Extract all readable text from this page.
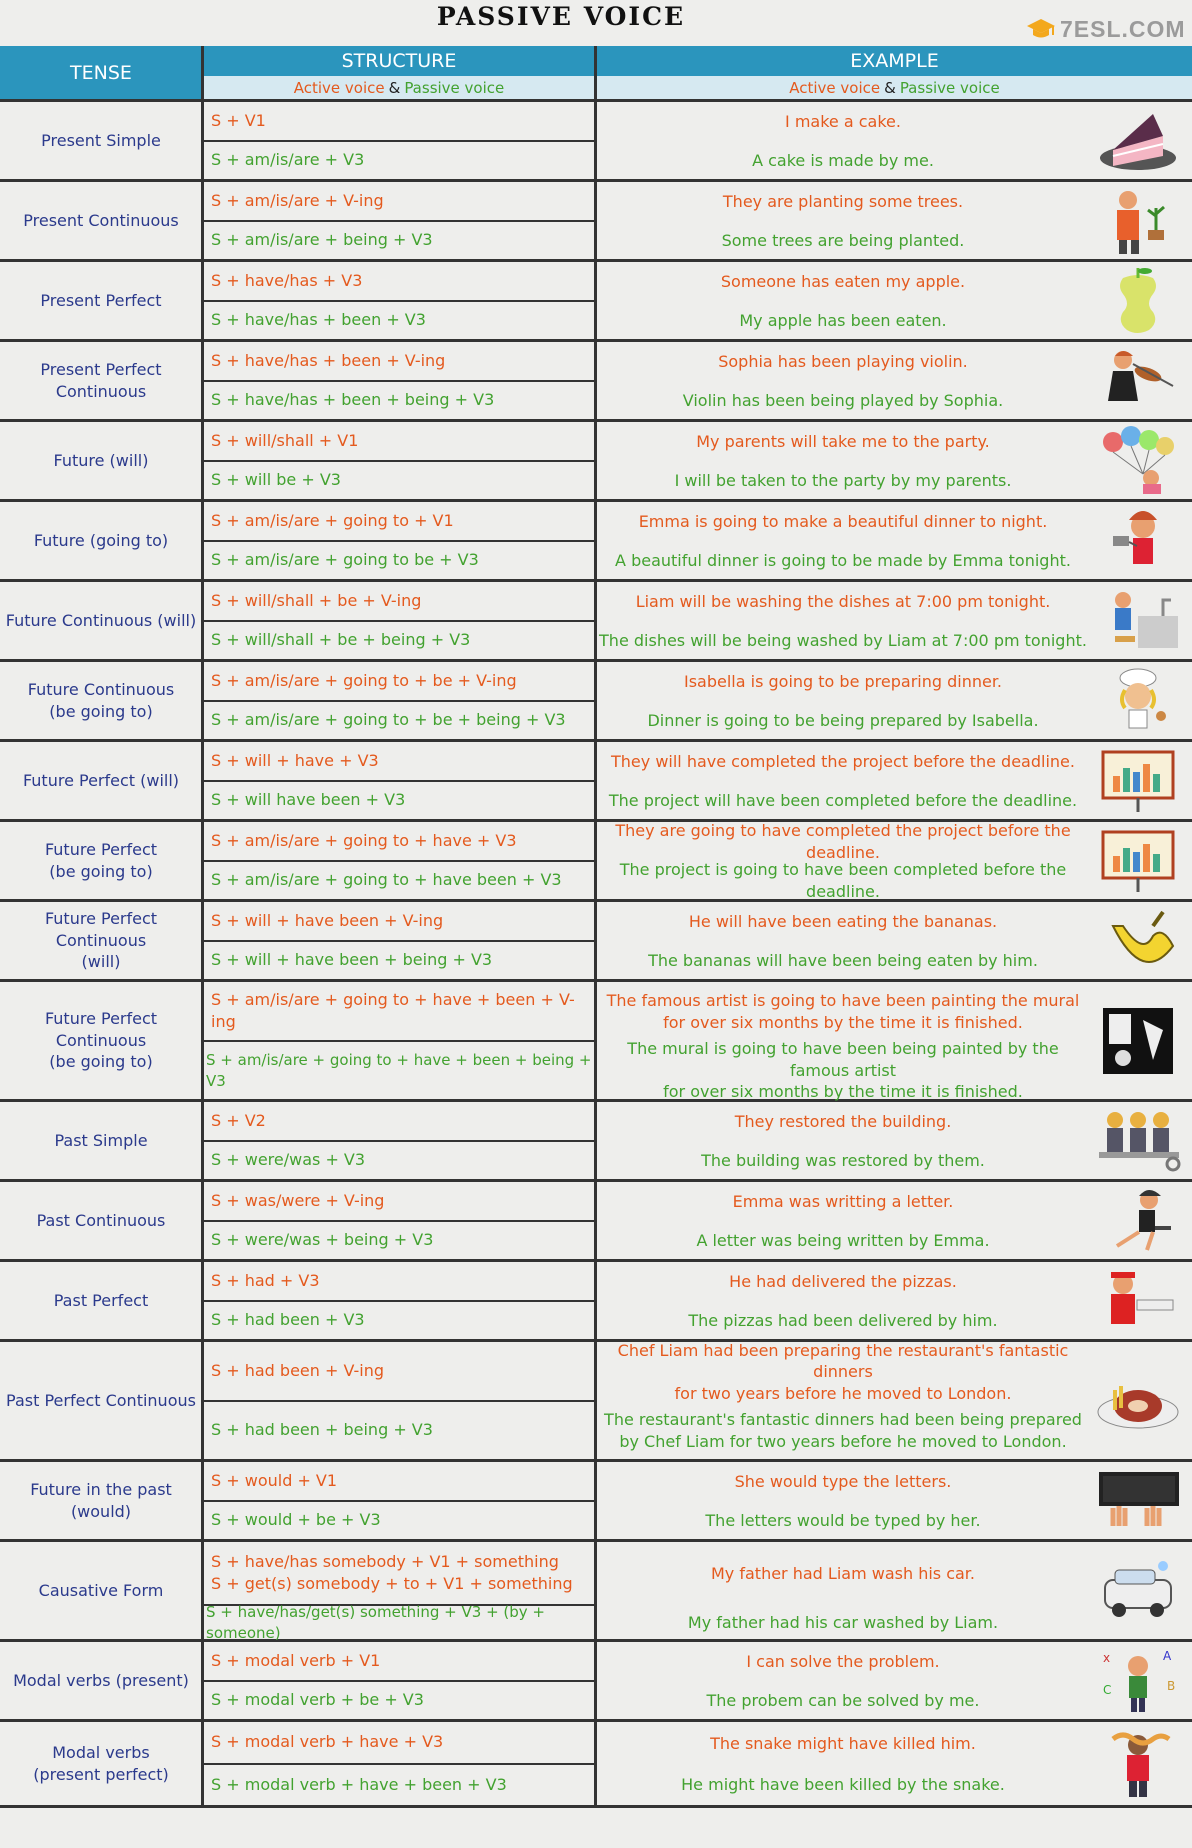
PASSIVE VOICE	7ESL.COM
TENSE
STRUCTURE
Active voice & Passive voice
EXAMPLE
Active voice & Passive voice
Present Simple
S + V1
S + am/is/are + V3
I make a cake.
A cake is made by me.
Present Continuous
S + am/is/are + V-ing
S + am/is/are + being + V3
They are planting some trees.
Some trees are being planted.
Present Perfect
S + have/has + V3
S + have/has + been + V3
Someone has eaten my apple.
My apple has been eaten.
Present Perfect Continuous
S + have/has + been + V-ing
S + have/has + been + being + V3
Sophia has been playing violin.
Violin has been being played by Sophia.
Future (will)
S + will/shall + V1
S + will be + V3
My parents will take me to the party.
I will be taken to the party by my parents.
Future (going to)
S + am/is/are + going to + V1
S + am/is/are + going to be + V3
Emma is going to make a beautiful dinner to night.
A beautiful dinner is going to be made by Emma tonight.
Future Continuous (will)
S + will/shall + be + V-ing
S + will/shall + be + being + V3
Liam will be washing the dishes at 7:00 pm tonight.
The dishes will be being washed by Liam at 7:00 pm tonight.
Future Continuous
(be going to)
S + am/is/are + going to + be + V-ing
S + am/is/are + going to + be + being + V3
Isabella is going to be preparing dinner.
Dinner is going to be being prepared by Isabella.
Future Perfect (will)
S + will + have + V3
S + will have been + V3
They will have completed the project before the deadline.
The project will have been completed before the deadline.
Future Perfect
(be going to)
S + am/is/are + going to + have + V3
S + am/is/are + going to + have been + V3
They are going to have completed the project before the deadline.
The project is going to have been completed before the deadline.
Future Perfect Continuous
(will)
S + will + have been + V-ing
S + will + have been + being + V3
He will have been eating the bananas.
The bananas will have been being eaten by him.
Future Perfect Continuous
(be going to)
S + am/is/are + going to + have + been + V-ing
S + am/is/are + going to + have + been + being + V3
The famous artist is going to have been painting the mural
for over six months by the time it is finished.
The mural is going to have been being painted by the famous artist
for over six months by the time it is finished.
Past Simple
S + V2
S + were/was + V3
They restored the building.
The building was restored by them.
Past Continuous
S + was/were + V-ing
S + were/was + being + V3
Emma was writting a letter.
A letter was being written by Emma.
Past Perfect
S + had + V3
S + had been + V3
He had delivered the pizzas.
The pizzas had been delivered by him.
Past Perfect Continuous
S + had been + V-ing
S + had been + being + V3
Chef Liam had been preparing the restaurant's fantastic dinners
for two years before he moved to London.
The restaurant's fantastic dinners had been being prepared
by Chef Liam for two years before he moved to London.
Future in the past (would)
S + would + V1
S + would + be + V3
She would type the letters.
The letters would be typed by her.
Causative Form
S + have/has somebody + V1 + something
S + get(s) somebody + to + V1 + something
S + have/has/get(s) something + V3 + (by + someone)
My father had Liam wash his car.
My father had his car washed by Liam.
Modal verbs (present)
S + modal verb + V1
S + modal verb + be + V3
I can solve the problem.
The probem can be solved by me.
x	A
B
C
Modal verbs
(present perfect)
S + modal verb + have + V3
S + modal verb + have + been + V3
The snake might have killed him.
He might have been killed by the snake.
